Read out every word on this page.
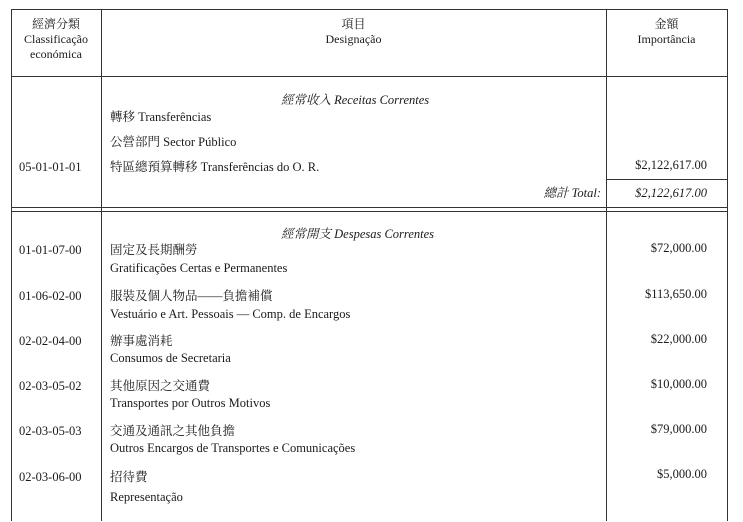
經濟分類
Classificação
económica
項目
Designação
金額
Importância
經常收入 Receitas Correntes
轉移 Transferências
公營部門 Sector Público
05-01-01-01 特區總預算轉移 Transferências do O. R.	$2,122,617.00
總計 Total:	$2,122,617.00
經常開支 Despesas Correntes
01-01-07-00 固定及長期酬勞
Gratificações Certas e Permanentes
$72,000.00
01-06-02-00 服裝及個人物品——負擔補償
Vestuário e Art. Pessoais — Comp. de Encargos
$113,650.00
02-02-04-00 辦事處消耗
Consumos de Secretaria
$22,000.00
02-03-05-02 其他原因之交通費
Transportes por Outros Motivos
$10,000.00
02-03-05-03 交通及通訊之其他負擔
Outros Encargos de Transportes e Comunicações
$79,000.00
02-03-06-00 招待費
Representação
$5,000.00
